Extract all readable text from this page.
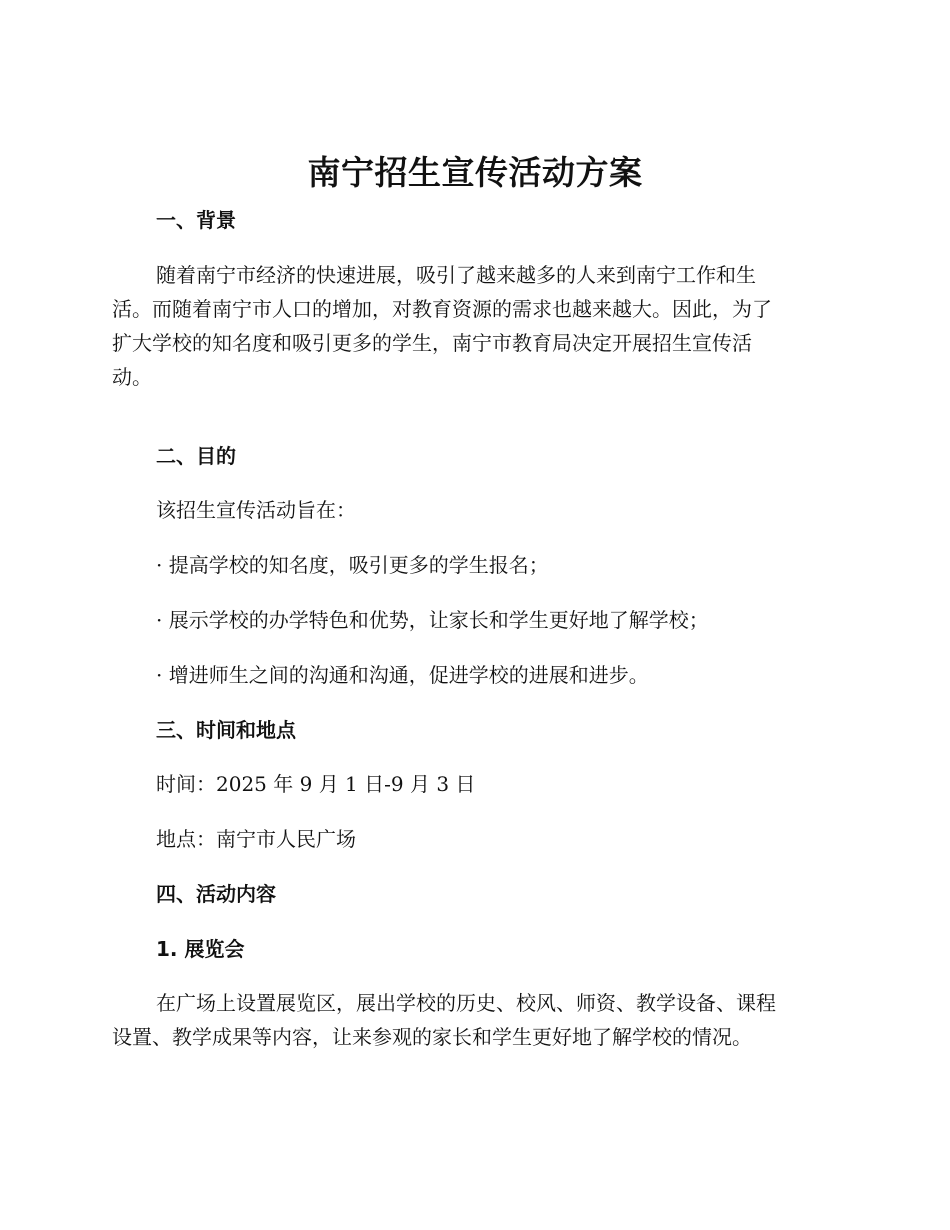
南宁招生宣传活动方案
一、背景
随着南宁市经济的快速进展，吸引了越来越多的人来到南宁工作和生
活。而随着南宁市人口的增加，对教育资源的需求也越来越大。因此，为了
扩大学校的知名度和吸引更多的学生，南宁市教育局决定开展招生宣传活
动。
二、目的
该招生宣传活动旨在：
· 提高学校的知名度，吸引更多的学生报名；
· 展示学校的办学特色和优势，让家长和学生更好地了解学校；
· 增进师生之间的沟通和沟通，促进学校的进展和进步。
三、时间和地点
时间：2025 年 9 月 1 日-9 月 3 日
地点：南宁市人民广场
四、活动内容
1. 展览会
在广场上设置展览区，展出学校的历史、校风、师资、教学设备、课程
设置、教学成果等内容，让来参观的家长和学生更好地了解学校的情况。
